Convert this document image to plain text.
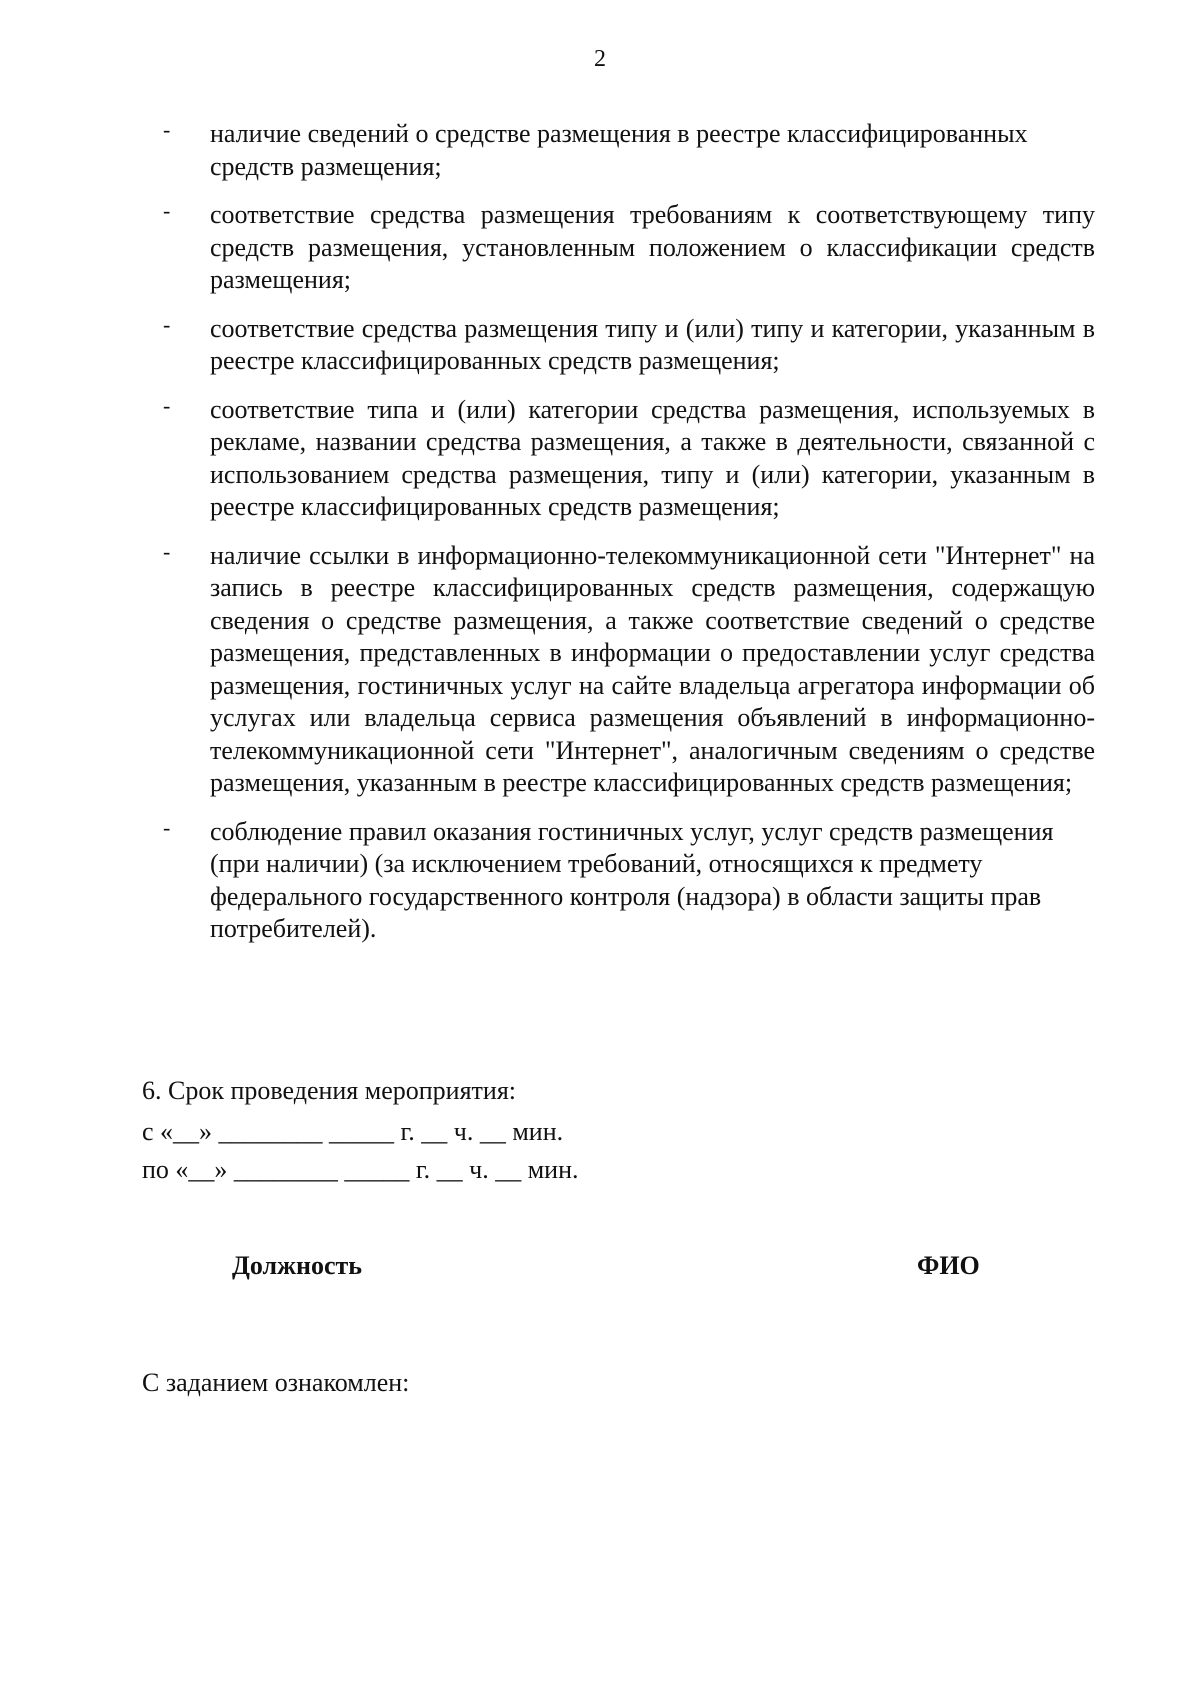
2
- наличие сведений о средстве размещения в реестре классифицированных средств размещения;
- соответствие средства размещения требованиям к соответствующему типу средств размещения, установленным положением о классификации средств размещения;
- соответствие средства размещения типу и (или) типу и категории, указанным в реестре классифицированных средств размещения;
- соответствие типа и (или) категории средства размещения, используемых в рекламе, названии средства размещения, а также в деятельности, связанной с использованием средства размещения, типу и (или) категории, указанным в реестре классифицированных средств размещения;
- наличие ссылки в информационно-телекоммуникационной сети "Интернет" на запись в реестре классифицированных средств размещения, содержащую сведения о средстве размещения, а также соответствие сведений о средстве размещения, представленных в информации о предоставлении услуг средства размещения, гостиничных услуг на сайте владельца агрегатора информации об услугах или владельца сервиса размещения объявлений в информационно-телекоммуникационной сети "Интернет", аналогичным сведениям о средстве размещения, указанным в реестре классифицированных средств размещения;
- соблюдение правил оказания гостиничных услуг, услуг средств размещения (при наличии) (за исключением требований, относящихся к предмету федерального государственного контроля (надзора) в области защиты прав потребителей).
6. Срок проведения мероприятия:
с «__» ________ _____ г. __ ч. __ мин.
по «__» ________ _____ г. __ ч. __ мин.
Должность	ФИО
С заданием ознакомлен:
